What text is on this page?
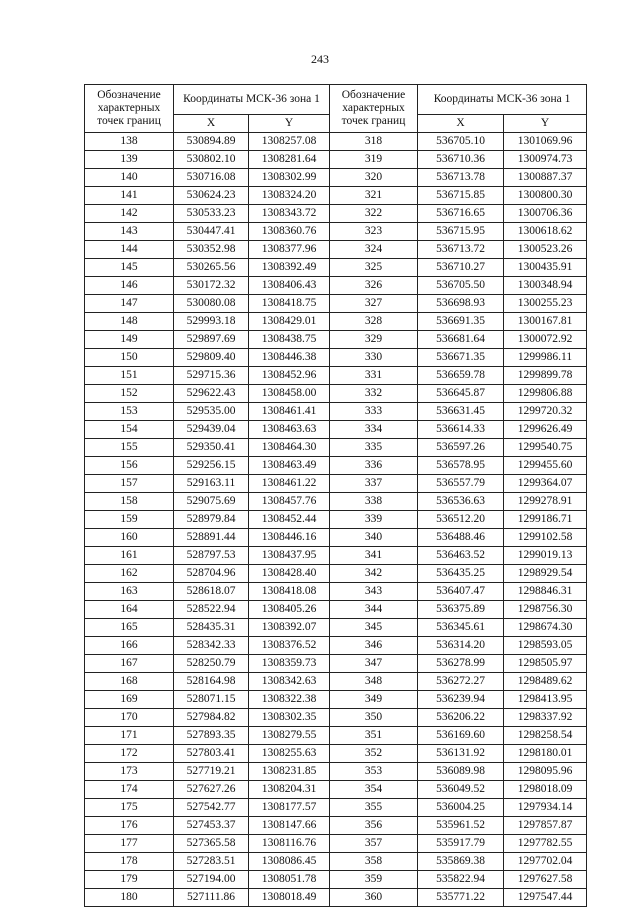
243
Обозначение характерных точек границ	Координаты МСК-36 зона 1		Обозначение характерных точек границ	Координаты МСК-36 зона 1	
	X	Y		X	Y
138	530894.89	1308257.08	318	536705.10	1301069.96
139	530802.10	1308281.64	319	536710.36	1300974.73
140	530716.08	1308302.99	320	536713.78	1300887.37
141	530624.23	1308324.20	321	536715.85	1300800.30
142	530533.23	1308343.72	322	536716.65	1300706.36
143	530447.41	1308360.76	323	536715.95	1300618.62
144	530352.98	1308377.96	324	536713.72	1300523.26
145	530265.56	1308392.49	325	536710.27	1300435.91
146	530172.32	1308406.43	326	536705.50	1300348.94
147	530080.08	1308418.75	327	536698.93	1300255.23
148	529993.18	1308429.01	328	536691.35	1300167.81
149	529897.69	1308438.75	329	536681.64	1300072.92
150	529809.40	1308446.38	330	536671.35	1299986.11
151	529715.36	1308452.96	331	536659.78	1299899.78
152	529622.43	1308458.00	332	536645.87	1299806.88
153	529535.00	1308461.41	333	536631.45	1299720.32
154	529439.04	1308463.63	334	536614.33	1299626.49
155	529350.41	1308464.30	335	536597.26	1299540.75
156	529256.15	1308463.49	336	536578.95	1299455.60
157	529163.11	1308461.22	337	536557.79	1299364.07
158	529075.69	1308457.76	338	536536.63	1299278.91
159	528979.84	1308452.44	339	536512.20	1299186.71
160	528891.44	1308446.16	340	536488.46	1299102.58
161	528797.53	1308437.95	341	536463.52	1299019.13
162	528704.96	1308428.40	342	536435.25	1298929.54
163	528618.07	1308418.08	343	536407.47	1298846.31
164	528522.94	1308405.26	344	536375.89	1298756.30
165	528435.31	1308392.07	345	536345.61	1298674.30
166	528342.33	1308376.52	346	536314.20	1298593.05
167	528250.79	1308359.73	347	536278.99	1298505.97
168	528164.98	1308342.63	348	536272.27	1298489.62
169	528071.15	1308322.38	349	536239.94	1298413.95
170	527984.82	1308302.35	350	536206.22	1298337.92
171	527893.35	1308279.55	351	536169.60	1298258.54
172	527803.41	1308255.63	352	536131.92	1298180.01
173	527719.21	1308231.85	353	536089.98	1298095.96
174	527627.26	1308204.31	354	536049.52	1298018.09
175	527542.77	1308177.57	355	536004.25	1297934.14
176	527453.37	1308147.66	356	535961.52	1297857.87
177	527365.58	1308116.76	357	535917.79	1297782.55
178	527283.51	1308086.45	358	535869.38	1297702.04
179	527194.00	1308051.78	359	535822.94	1297627.58
180	527111.86	1308018.49	360	535771.22	1297547.44
